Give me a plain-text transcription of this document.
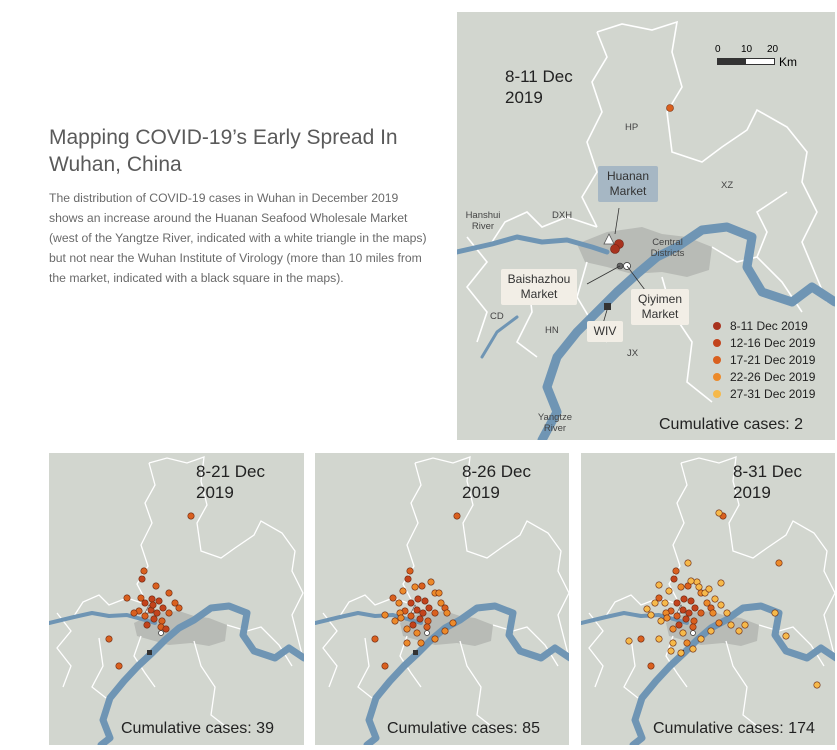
Mapping COVID-19’s Early Spread In Wuhan, China

The distribution of COVID-19 cases in Wuhan in December 2019 shows an increase around the Huanan Seafood Wholesale Market (west of the Yangtze River, indicated with a white triangle in the maps) but not near the Wuhan Institute of Virology (more than 10 miles from the market, indicated with a black square in the maps).

8-11 Dec 2019
0 10 20
Km
HP
XZ
DXH
CD
HN
JX
Central Districts
Hanshui River
Yangtze River
Huanan Market
Baishazhou Market	Qiyimen Market
WIV
Cumulative cases: 2
8-11 Dec 2019
12-16 Dec 2019
17-21 Dec 2019
22-26 Dec 2019
27-31 Dec 2019
8-21 Dec 2019
Cumulative cases: 39
8-26 Dec 2019
Cumulative cases: 85
8-31 Dec 2019
Cumulative cases: 174
